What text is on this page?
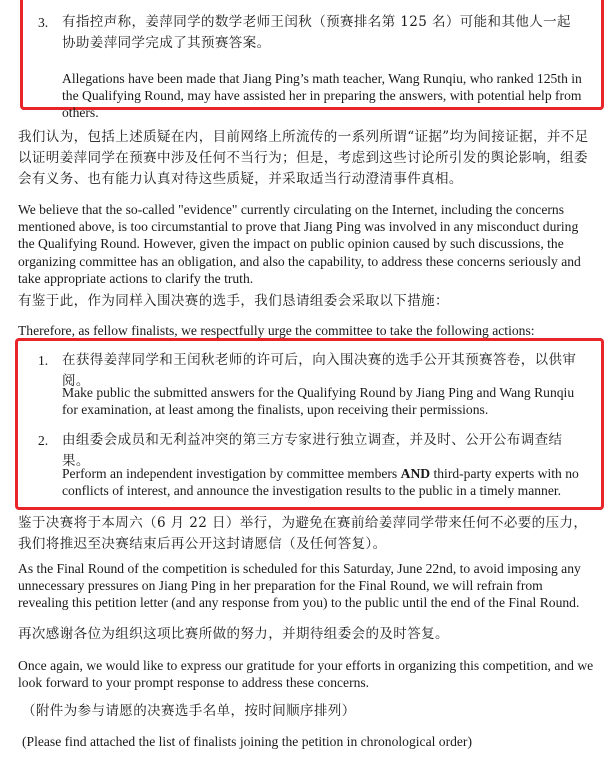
3. 有指控声称，姜萍同学的数学老师王闰秋（预赛排名第 125 名）可能和其他人一起协助姜萍同学完成了其预赛答案。

Allegations have been made that Jiang Ping’s math teacher, Wang Runqiu, who ranked 125th in the Qualifying Round, may have assisted her in preparing the answers, with potential help from others.

我们认为，包括上述质疑在内，目前网络上所流传的一系列所谓“证据”均为间接证据，并不足以证明姜萍同学在预赛中涉及任何不当行为；但是，考虑到这些讨论所引发的舆论影响，组委会有义务、也有能力认真对待这些质疑，并采取适当行动澄清事件真相。

We believe that the so-called "evidence" currently circulating on the Internet, including the concerns mentioned above, is too circumstantial to prove that Jiang Ping was involved in any misconduct during the Qualifying Round. However, given the impact on public opinion caused by such discussions, the organizing committee has an obligation, and also the capability, to address these concerns seriously and take appropriate actions to clarify the truth.

有鉴于此，作为同样入围决赛的选手，我们恳请组委会采取以下措施：

Therefore, as fellow finalists, we respectfully urge the committee to take the following actions:

1. 在获得姜萍同学和王闰秋老师的许可后，向入围决赛的选手公开其预赛答卷，以供审阅。

Make public the submitted answers for the Qualifying Round by Jiang Ping and Wang Runqiu for examination, at least among the finalists, upon receiving their permissions.

2. 由组委会成员和无利益冲突的第三方专家进行独立调查，并及时、公开公布调查结果。

Perform an independent investigation by committee members AND third-party experts with no conflicts of interest, and announce the investigation results to the public in a timely manner.

鉴于决赛将于本周六（6 月 22 日）举行，为避免在赛前给姜萍同学带来任何不必要的压力，我们将推迟至决赛结束后再公开这封请愿信（及任何答复）。

As the Final Round of the competition is scheduled for this Saturday, June 22nd, to avoid imposing any unnecessary pressures on Jiang Ping in her preparation for the Final Round, we will refrain from revealing this petition letter (and any response from you) to the public until the end of the Final Round.

再次感谢各位为组织这项比赛所做的努力，并期待组委会的及时答复。

Once again, we would like to express our gratitude for your efforts in organizing this competition, and we look forward to your prompt response to address these concerns.

（附件为参与请愿的决赛选手名单，按时间顺序排列）

(Please find attached the list of finalists joining the petition in chronological order)
